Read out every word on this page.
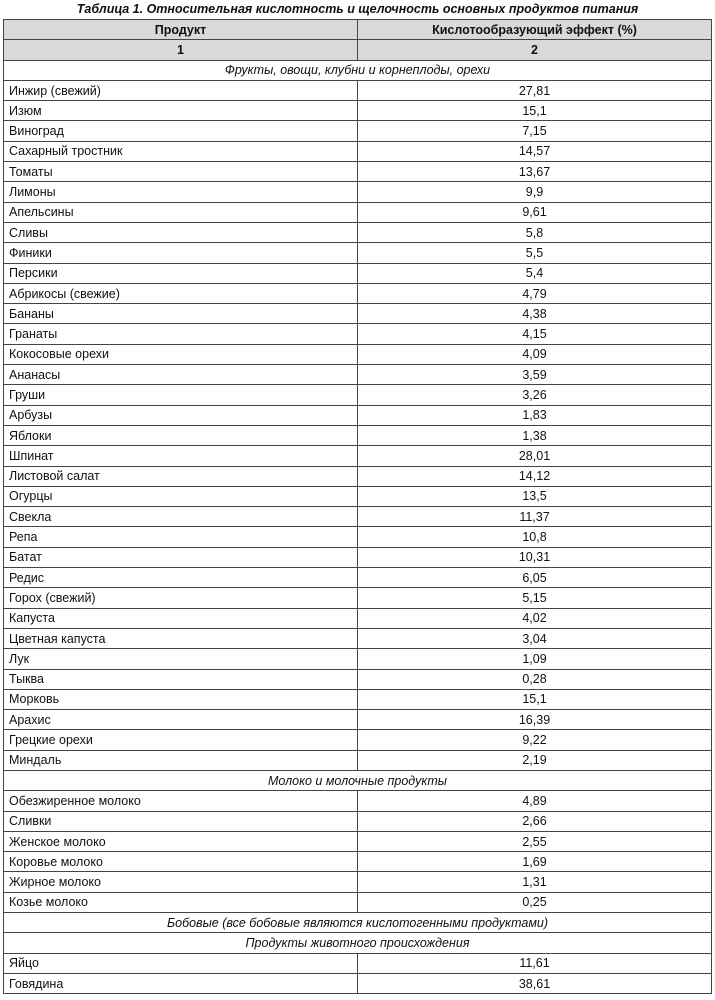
Таблица 1. Относительная кислотность и щелочность основных продуктов питания
Продукт	Кислотообразующий эффект (%)
1	2
Фрукты, овощи, клубни и корнеплоды, орехи	
Инжир (свежий)	27,81
Изюм	15,1
Виноград	7,15
Сахарный тростник	14,57
Томаты	13,67
Лимоны	9,9
Апельсины	9,61
Сливы	5,8
Финики	5,5
Персики	5,4
Абрикосы (свежие)	4,79
Бананы	4,38
Гранаты	4,15
Кокосовые орехи	4,09
Ананасы	3,59
Груши	3,26
Арбузы	1,83
Яблоки	1,38
Шпинат	28,01
Листовой салат	14,12
Огурцы	13,5
Свекла	11,37
Репа	10,8
Батат	10,31
Редис	6,05
Горох (свежий)	5,15
Капуста	4,02
Цветная капуста	3,04
Лук	1,09
Тыква	0,28
Морковь	15,1
Арахис	16,39
Грецкие орехи	9,22
Миндаль	2,19
Молоко и молочные продукты	
Обезжиренное молоко	4,89
Сливки	2,66
Женское молоко	2,55
Коровье молоко	1,69
Жирное молоко	1,31
Козье молоко	0,25
Бобовые (все бобовые являются кислотогенными продуктами)	
Продукты животного происхождения	
Яйцо	11,61
Говядина	38,61
